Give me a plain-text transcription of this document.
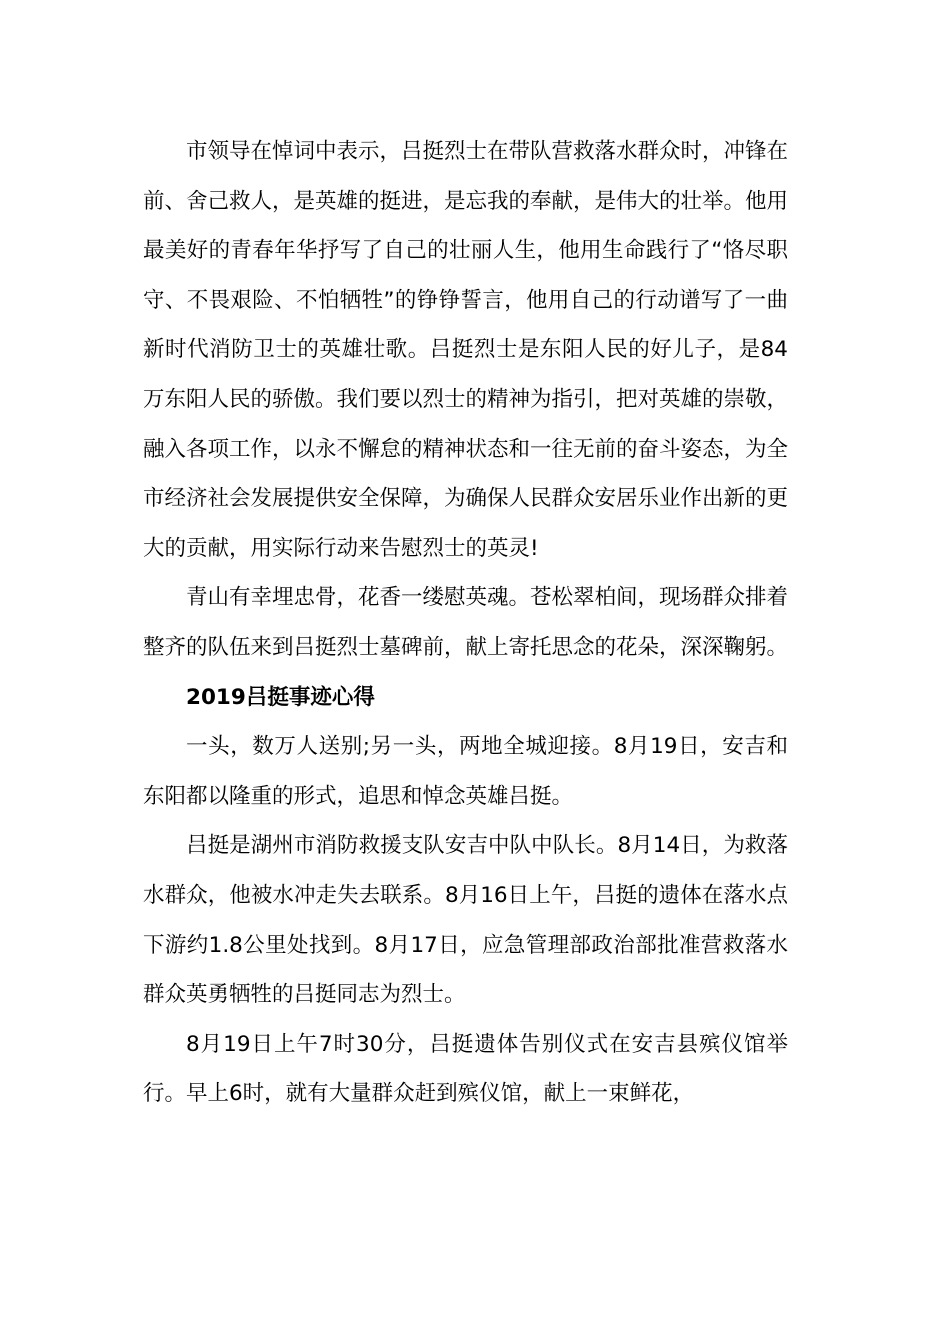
市领导在悼词中表示，吕挺烈士在带队营救落水群众时，冲锋在前、舍己救人，是英雄的挺进，是忘我的奉献，是伟大的壮举。他用最美好的青春年华抒写了自己的壮丽人生，他用生命践行了“恪尽职守、不畏艰险、不怕牺牲”的铮铮誓言，他用自己的行动谱写了一曲新时代消防卫士的英雄壮歌。吕挺烈士是东阳人民的好儿子，是84万东阳人民的骄傲。我们要以烈士的精神为指引，把对英雄的崇敬，融入各项工作，以永不懈怠的精神状态和一往无前的奋斗姿态，为全市经济社会发展提供安全保障，为确保人民群众安居乐业作出新的更大的贡献，用实际行动来告慰烈士的英灵!

青山有幸埋忠骨，花香一缕慰英魂。苍松翠柏间，现场群众排着整齐的队伍来到吕挺烈士墓碑前，献上寄托思念的花朵，深深鞠躬。

2019吕挺事迹心得

一头，数万人送别;另一头，两地全城迎接。8月19日，安吉和东阳都以隆重的形式，追思和悼念英雄吕挺。

吕挺是湖州市消防救援支队安吉中队中队长。8月14日，为救落水群众，他被水冲走失去联系。8月16日上午，吕挺的遗体在落水点下游约1.8公里处找到。8月17日，应急管理部政治部批准营救落水群众英勇牺牲的吕挺同志为烈士。

8月19日上午7时30分，吕挺遗体告别仪式在安吉县殡仪馆举行。早上6时，就有大量群众赶到殡仪馆，献上一束鲜花，
